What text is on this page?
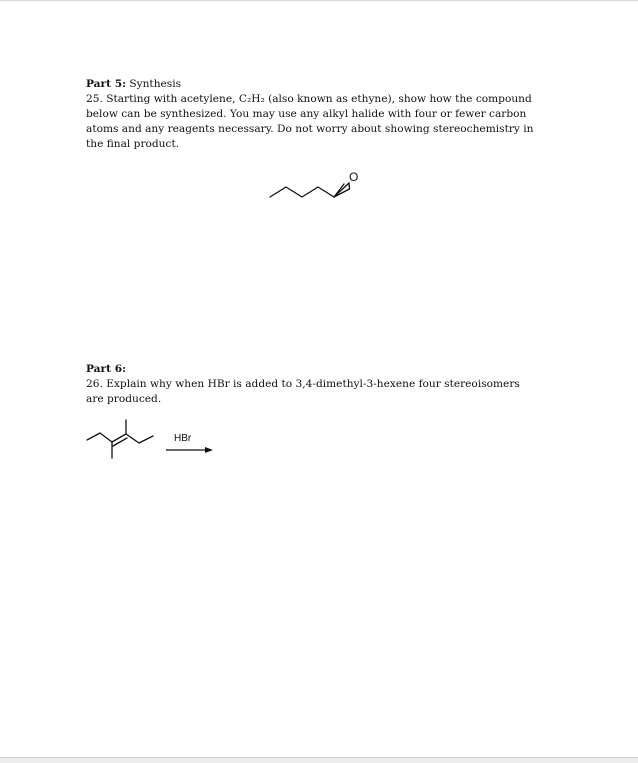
Part 5: Synthesis

25. Starting with acetylene, C₂H₂ (also known as ethyne), show how the compound

below can be synthesized. You may use any alkyl halide with four or fewer carbon

atoms and any reagents necessary. Do not worry about showing stereochemistry in

the final product.

O

Part 6:

26. Explain why when HBr is added to 3,4-dimethyl-3-hexene four stereoisomers

are produced.

HBr
